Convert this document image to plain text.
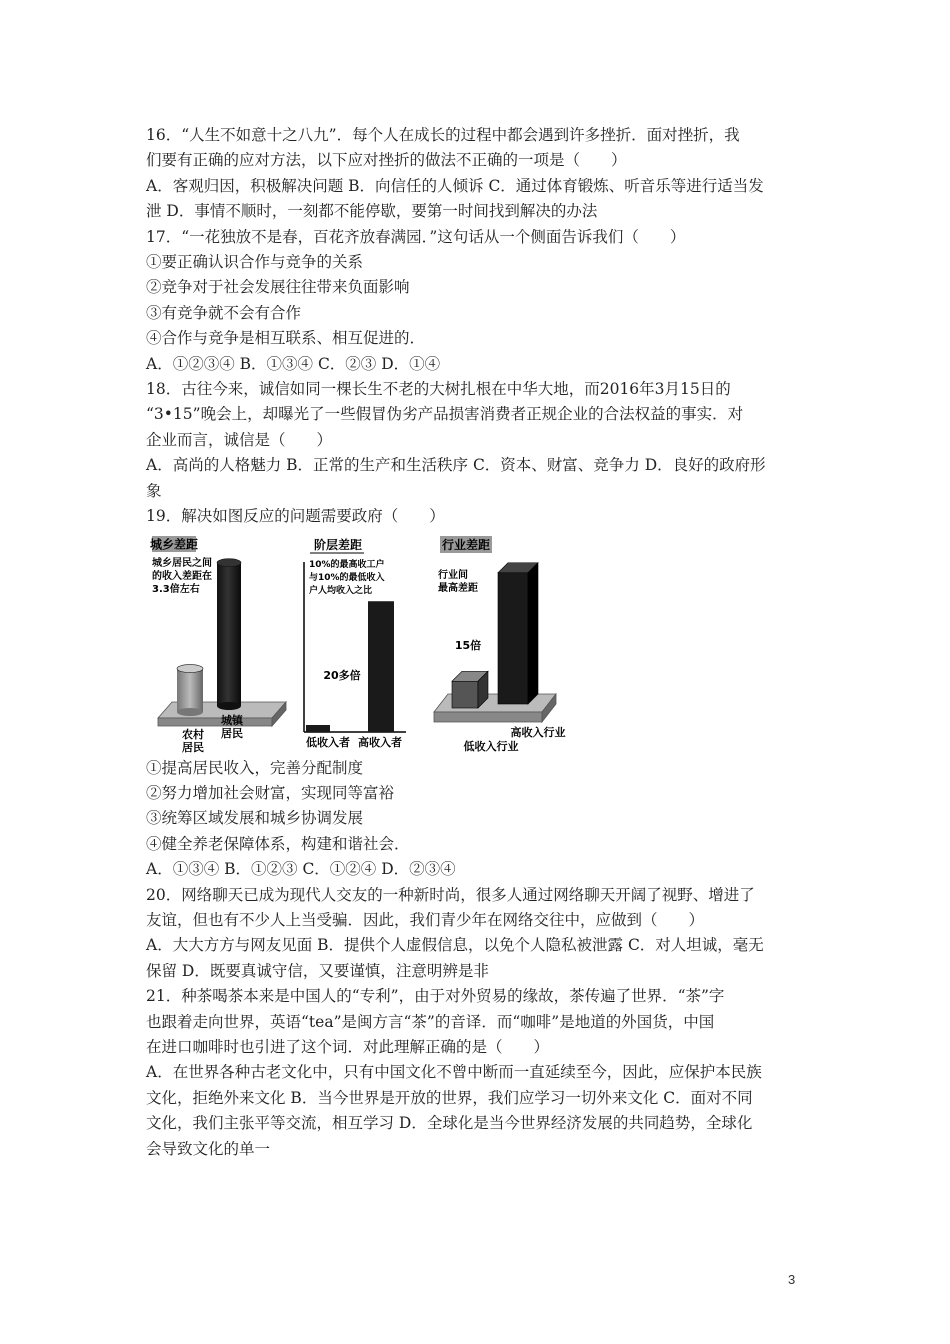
16．“人生不如意十之八九”．每个人在成长的过程中都会遇到许多挫折．面对挫折，我
们要有正确的应对方法，以下应对挫折的做法不正确的一项是（　　）
A．客观归因，积极解决问题 B．向信任的人倾诉 C．通过体育锻炼、听音乐等进行适当发
泄 D．事情不顺时，一刻都不能停歇，要第一时间找到解决的办法
17．“一花独放不是春，百花齐放春满园．”这句话从一个侧面告诉我们（　　）
①要正确认识合作与竞争的关系
②竞争对于社会发展往往带来负面影响
③有竞争就不会有合作
④合作与竞争是相互联系、相互促进的．
A．①②③④ B．①③④ C．②③ D．①④
18．古往今来，诚信如同一棵长生不老的大树扎根在中华大地，而2016年3月15日的
“3•15”晚会上，却曝光了一些假冒伪劣产品损害消费者正规企业的合法权益的事实．对
企业而言，诚信是（　　）
A．高尚的人格魅力 B．正常的生产和生活秩序 C．资本、财富、竞争力 D．良好的政府形
象
19．解决如图反应的问题需要政府（　　）
城乡差距
城乡居民之间
的收入差距在
3.3倍左右
农村
居民
城镇
居民
阶层差距
10%的最高收工户
与10%的最低收入
户人均收入之比
20多倍
低收入者 高收入者
行业差距
行业间
最高差距
15倍
低收入行业
高收入行业
①提高居民收入，完善分配制度
②努力增加社会财富，实现同等富裕
③统筹区域发展和城乡协调发展
④健全养老保障体系，构建和谐社会．
A．①③④ B．①②③ C．①②④ D．②③④
20．网络聊天已成为现代人交友的一种新时尚，很多人通过网络聊天开阔了视野、增进了
友谊，但也有不少人上当受骗．因此，我们青少年在网络交往中，应做到（　　）
A．大大方方与网友见面 B．提供个人虚假信息，以免个人隐私被泄露 C．对人坦诚，毫无
保留 D．既要真诚守信，又要谨慎，注意明辨是非
21．种茶喝茶本来是中国人的“专利”，由于对外贸易的缘故，茶传遍了世界．“茶”字
也跟着走向世界，英语“tea”是闽方言“茶”的音译．而“咖啡”是地道的外国货，中国
在进口咖啡时也引进了这个词．对此理解正确的是（　　）
A．在世界各种古老文化中，只有中国文化不曾中断而一直延续至今，因此，应保护本民族
文化，拒绝外来文化 B．当今世界是开放的世界，我们应学习一切外来文化 C．面对不同
文化，我们主张平等交流，相互学习 D．全球化是当今世界经济发展的共同趋势，全球化
会导致文化的单一
3
